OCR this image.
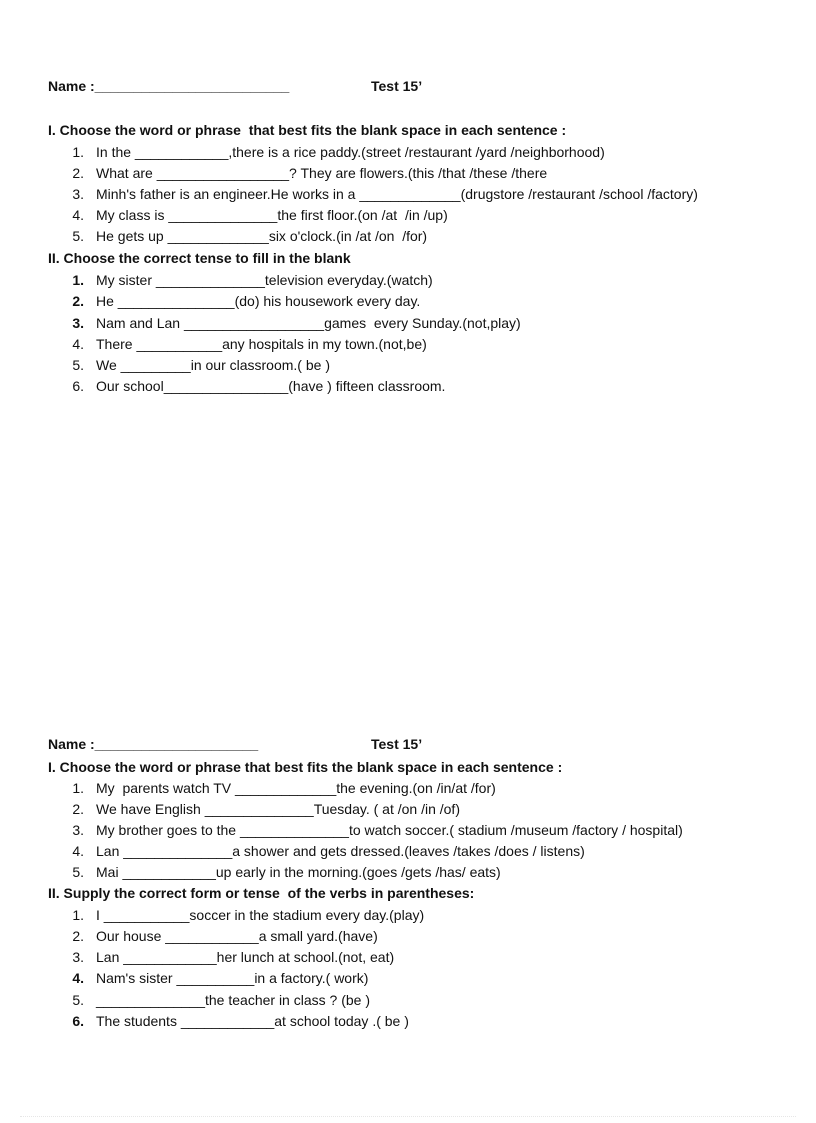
Name :_________________________	Test 15’
I. Choose the word or phrase  that best fits the blank space in each sentence :
1. In the ____________,there is a rice paddy.(street /restaurant /yard /neighborhood)
2. What are _________________? They are flowers.(this /that /these /there
3. Minh's father is an engineer.He works in a _____________(drugstore /restaurant /school /factory)
4. My class is ______________the first floor.(on /at  /in /up)
5. He gets up _____________six o'clock.(in /at /on  /for)
II. Choose the correct tense to fill in the blank
1. My sister ______________television everyday.(watch)
2. He _______________(do) his housework every day.
3. Nam and Lan __________________games  every Sunday.(not,play)
4. There ___________any hospitals in my town.(not,be)
5. We _________in our classroom.( be )
6. Our school________________(have ) fifteen classroom.
Name :_____________________	Test 15’
I. Choose the word or phrase that best fits the blank space in each sentence :
1. My  parents watch TV _____________the evening.(on /in/at /for)
2. We have English ______________Tuesday. ( at /on /in /of)
3. My brother goes to the ______________to watch soccer.( stadium /museum /factory / hospital)
4. Lan ______________a shower and gets dressed.(leaves /takes /does / listens)
5. Mai ____________up early in the morning.(goes /gets /has/ eats)
II. Supply the correct form or tense  of the verbs in parentheses:
1. I ___________soccer in the stadium every day.(play)
2. Our house ____________a small yard.(have)
3. Lan ____________her lunch at school.(not, eat)
4. Nam's sister __________in a factory.( work)
5. ______________the teacher in class ? (be )
6. The students ____________at school today .( be )
